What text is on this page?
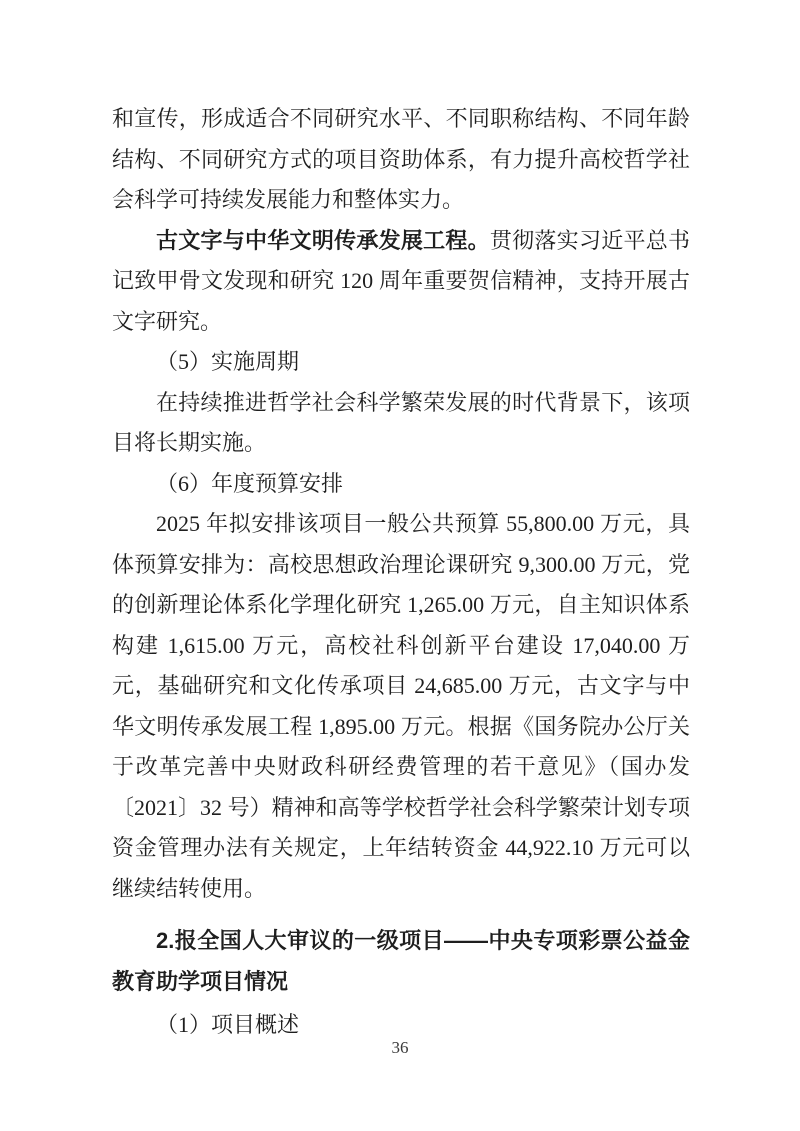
和宣传，形成适合不同研究水平、不同职称结构、不同年龄结构、不同研究方式的项目资助体系，有力提升高校哲学社会科学可持续发展能力和整体实力。

古文字与中华文明传承发展工程。贯彻落实习近平总书记致甲骨文发现和研究 120 周年重要贺信精神，支持开展古文字研究。

（5）实施周期

在持续推进哲学社会科学繁荣发展的时代背景下，该项目将长期实施。

（6）年度预算安排

2025 年拟安排该项目一般公共预算 55,800.00 万元，具体预算安排为：高校思想政治理论课研究 9,300.00 万元，党的创新理论体系化学理化研究 1,265.00 万元，自主知识体系构建 1,615.00 万元，高校社科创新平台建设 17,040.00 万元，基础研究和文化传承项目 24,685.00 万元，古文字与中华文明传承发展工程 1,895.00 万元。根据《国务院办公厅关于改革完善中央财政科研经费管理的若干意见》（国办发〔2021〕32 号）精神和高等学校哲学社会科学繁荣计划专项资金管理办法有关规定，上年结转资金 44,922.10 万元可以继续结转使用。

2.报全国人大审议的一级项目——中央专项彩票公益金教育助学项目情况

（1）项目概述

36
